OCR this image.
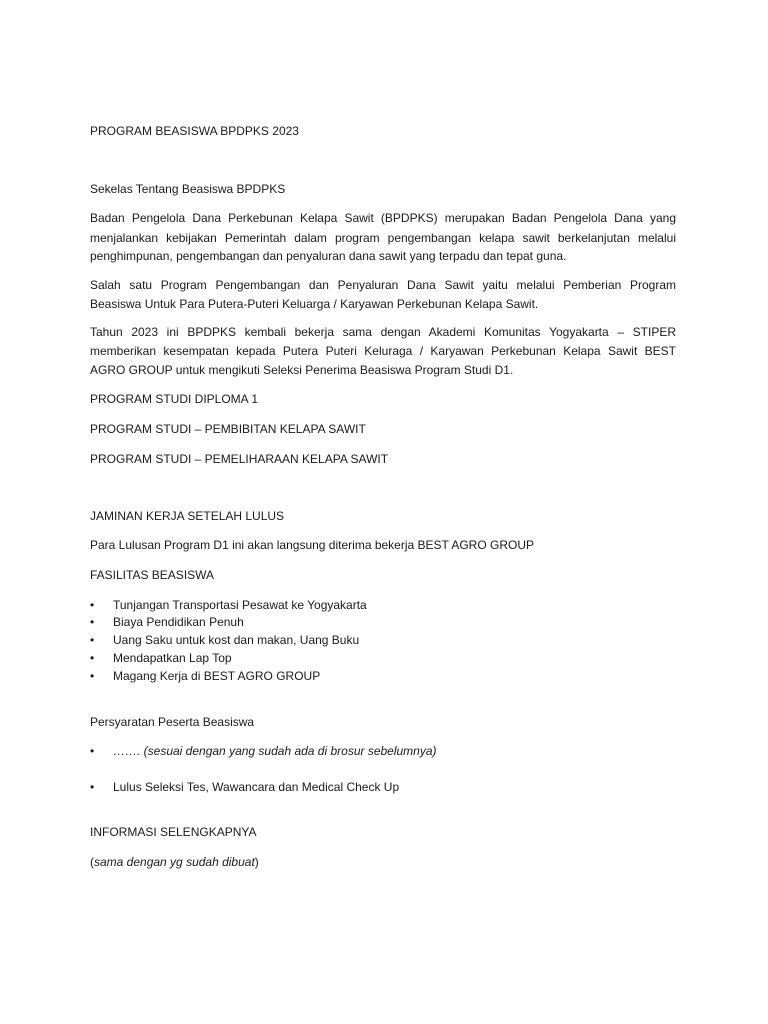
PROGRAM BEASISWA BPDPKS 2023
Sekelas Tentang Beasiswa BPDPKS
Badan Pengelola Dana Perkebunan Kelapa Sawit (BPDPKS) merupakan Badan Pengelola Dana yang
menjalankan kebijakan Pemerintah dalam program pengembangan kelapa sawit berkelanjutan melalui
penghimpunan, pengembangan dan penyaluran dana sawit yang terpadu dan tepat guna.
Salah satu Program Pengembangan dan Penyaluran Dana Sawit yaitu melalui Pemberian Program
Beasiswa Untuk Para Putera-Puteri Keluarga / Karyawan Perkebunan Kelapa Sawit.
Tahun 2023 ini BPDPKS kembali bekerja sama dengan Akademi Komunitas Yogyakarta – STIPER
memberikan kesempatan kepada Putera Puteri Keluraga / Karyawan Perkebunan Kelapa Sawit BEST
AGRO GROUP untuk mengikuti Seleksi Penerima Beasiswa Program Studi D1.
PROGRAM STUDI DIPLOMA 1
PROGRAM STUDI – PEMBIBITAN KELAPA SAWIT
PROGRAM STUDI – PEMELIHARAAN KELAPA SAWIT
JAMINAN KERJA SETELAH LULUS
Para Lulusan Program D1 ini akan langsung diterima bekerja BEST AGRO GROUP
FASILITAS BEASISWA
•	Tunjangan Transportasi Pesawat ke Yogyakarta
•	Biaya Pendidikan Penuh
•	Uang Saku untuk kost dan makan, Uang Buku
•	Mendapatkan Lap Top
•	Magang Kerja di BEST AGRO GROUP
Persyaratan Peserta Beasiswa
•	……. (sesuai dengan yang sudah ada di brosur sebelumnya)
•	Lulus Seleksi Tes, Wawancara dan Medical Check Up
INFORMASI SELENGKAPNYA
(sama dengan yg sudah dibuat)
